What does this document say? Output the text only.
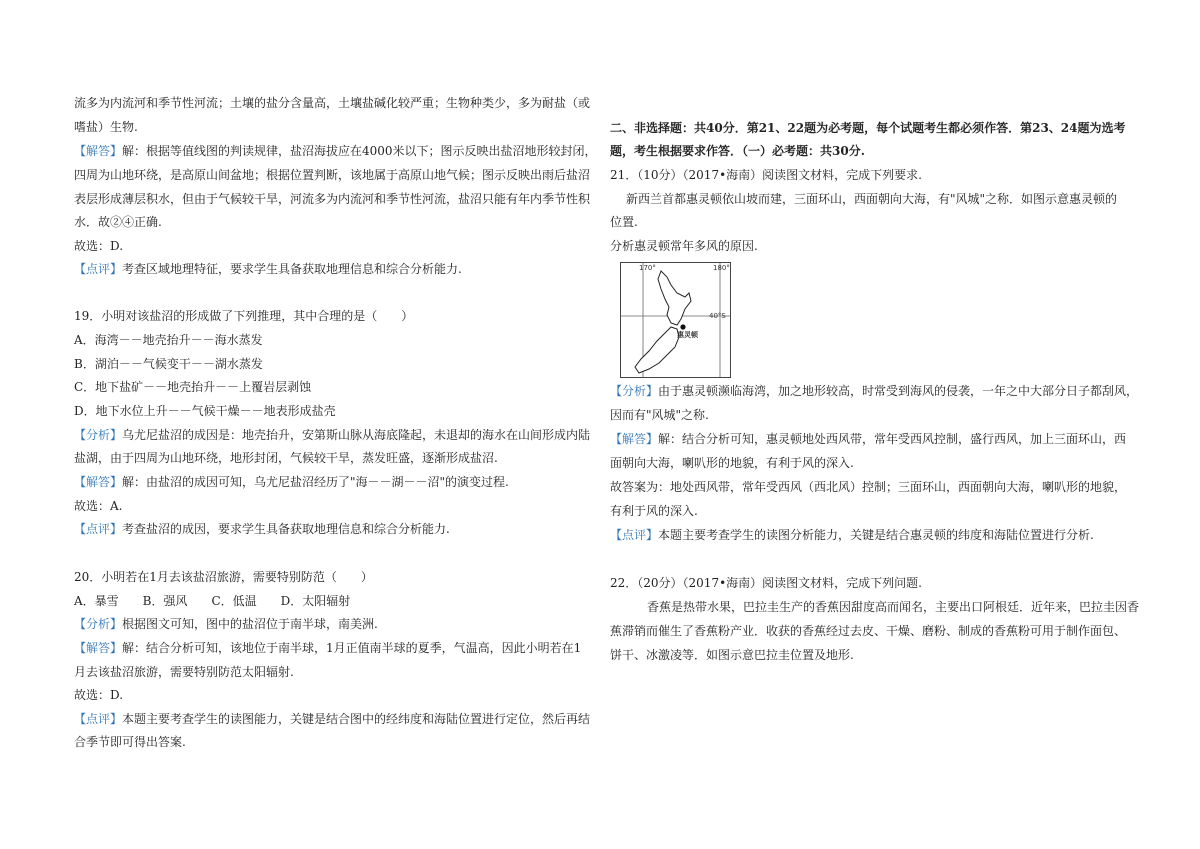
流多为内流河和季节性河流；土壤的盐分含量高，土壤盐碱化较严重；生物种类少，多为耐盐（或
嗜盐）生物.
【解答】解：根据等值线图的判读规律，盐沼海拔应在4000米以下；图示反映出盐沼地形较封闭，
四周为山地环绕，是高原山间盆地；根据位置判断，该地属于高原山地气候；图示反映出雨后盐沼
表层形成薄层积水，但由于气候较干旱，河流多为内流河和季节性河流，盐沼只能有年内季节性积
水．故②④正确.
故选：D.
【点评】考查区域地理特征，要求学生具备获取地理信息和综合分析能力.
19．小明对该盐沼的形成做了下列推理，其中合理的是（　　）
A．海湾－－地壳抬升－－海水蒸发
B．湖泊－－气候变干－－湖水蒸发
C．地下盐矿－－地壳抬升－－上覆岩层剥蚀
D．地下水位上升－－气候干燥－－地表形成盐壳
【分析】乌尤尼盐沼的成因是：地壳抬升，安第斯山脉从海底隆起，未退却的海水在山间形成内陆
盐湖，由于四周为山地环绕，地形封闭，气候较干旱，蒸发旺盛，逐渐形成盐沼.
【解答】解：由盐沼的成因可知，乌尤尼盐沼经历了"海－－湖－－沼"的演变过程.
故选：A.
【点评】考查盐沼的成因，要求学生具备获取地理信息和综合分析能力.
20．小明若在1月去该盐沼旅游，需要特别防范（　　）
A．暴雪　　B．强风　　C．低温　　D．太阳辐射
【分析】根据图文可知，图中的盐沼位于南半球，南美洲.
【解答】解：结合分析可知，该地位于南半球，1月正值南半球的夏季，气温高，因此小明若在1
月去该盐沼旅游，需要特别防范太阳辐射.
故选：D.
【点评】本题主要考查学生的读图能力，关键是结合图中的经纬度和海陆位置进行定位，然后再结
合季节即可得出答案.
二、非选择题：共40分．第21、22题为必考题，每个试题考生都必须作答．第23、24题为选考
题，考生根据要求作答．（一）必考题：共30分.
21．（10分）（2017•海南）阅读图文材料，完成下列要求.
新西兰首都惠灵顿依山坡而建，三面环山，西面朝向大海，有"风城"之称．如图示意惠灵顿的
位置.
分析惠灵顿常年多风的原因.
170°	180°
40°S
惠灵顿
【分析】由于惠灵顿濒临海湾，加之地形较高，时常受到海风的侵袭，一年之中大部分日子都刮风，
因而有"风城"之称.
【解答】解：结合分析可知，惠灵顿地处西风带，常年受西风控制，盛行西风，加上三面环山，西
面朝向大海，喇叭形的地貌，有利于风的深入.
故答案为：地处西风带，常年受西风（西北风）控制；三面环山，西面朝向大海，喇叭形的地貌，
有利于风的深入.
【点评】本题主要考查学生的读图分析能力，关键是结合惠灵顿的纬度和海陆位置进行分析.
22．（20分）（2017•海南）阅读图文材料，完成下列问题.
香蕉是热带水果，巴拉圭生产的香蕉因甜度高而闻名，主要出口阿根廷．近年来，巴拉圭因香
蕉滞销而催生了香蕉粉产业．收获的香蕉经过去皮、干燥、磨粉、制成的香蕉粉可用于制作面包、
饼干、冰激凌等．如图示意巴拉圭位置及地形.
